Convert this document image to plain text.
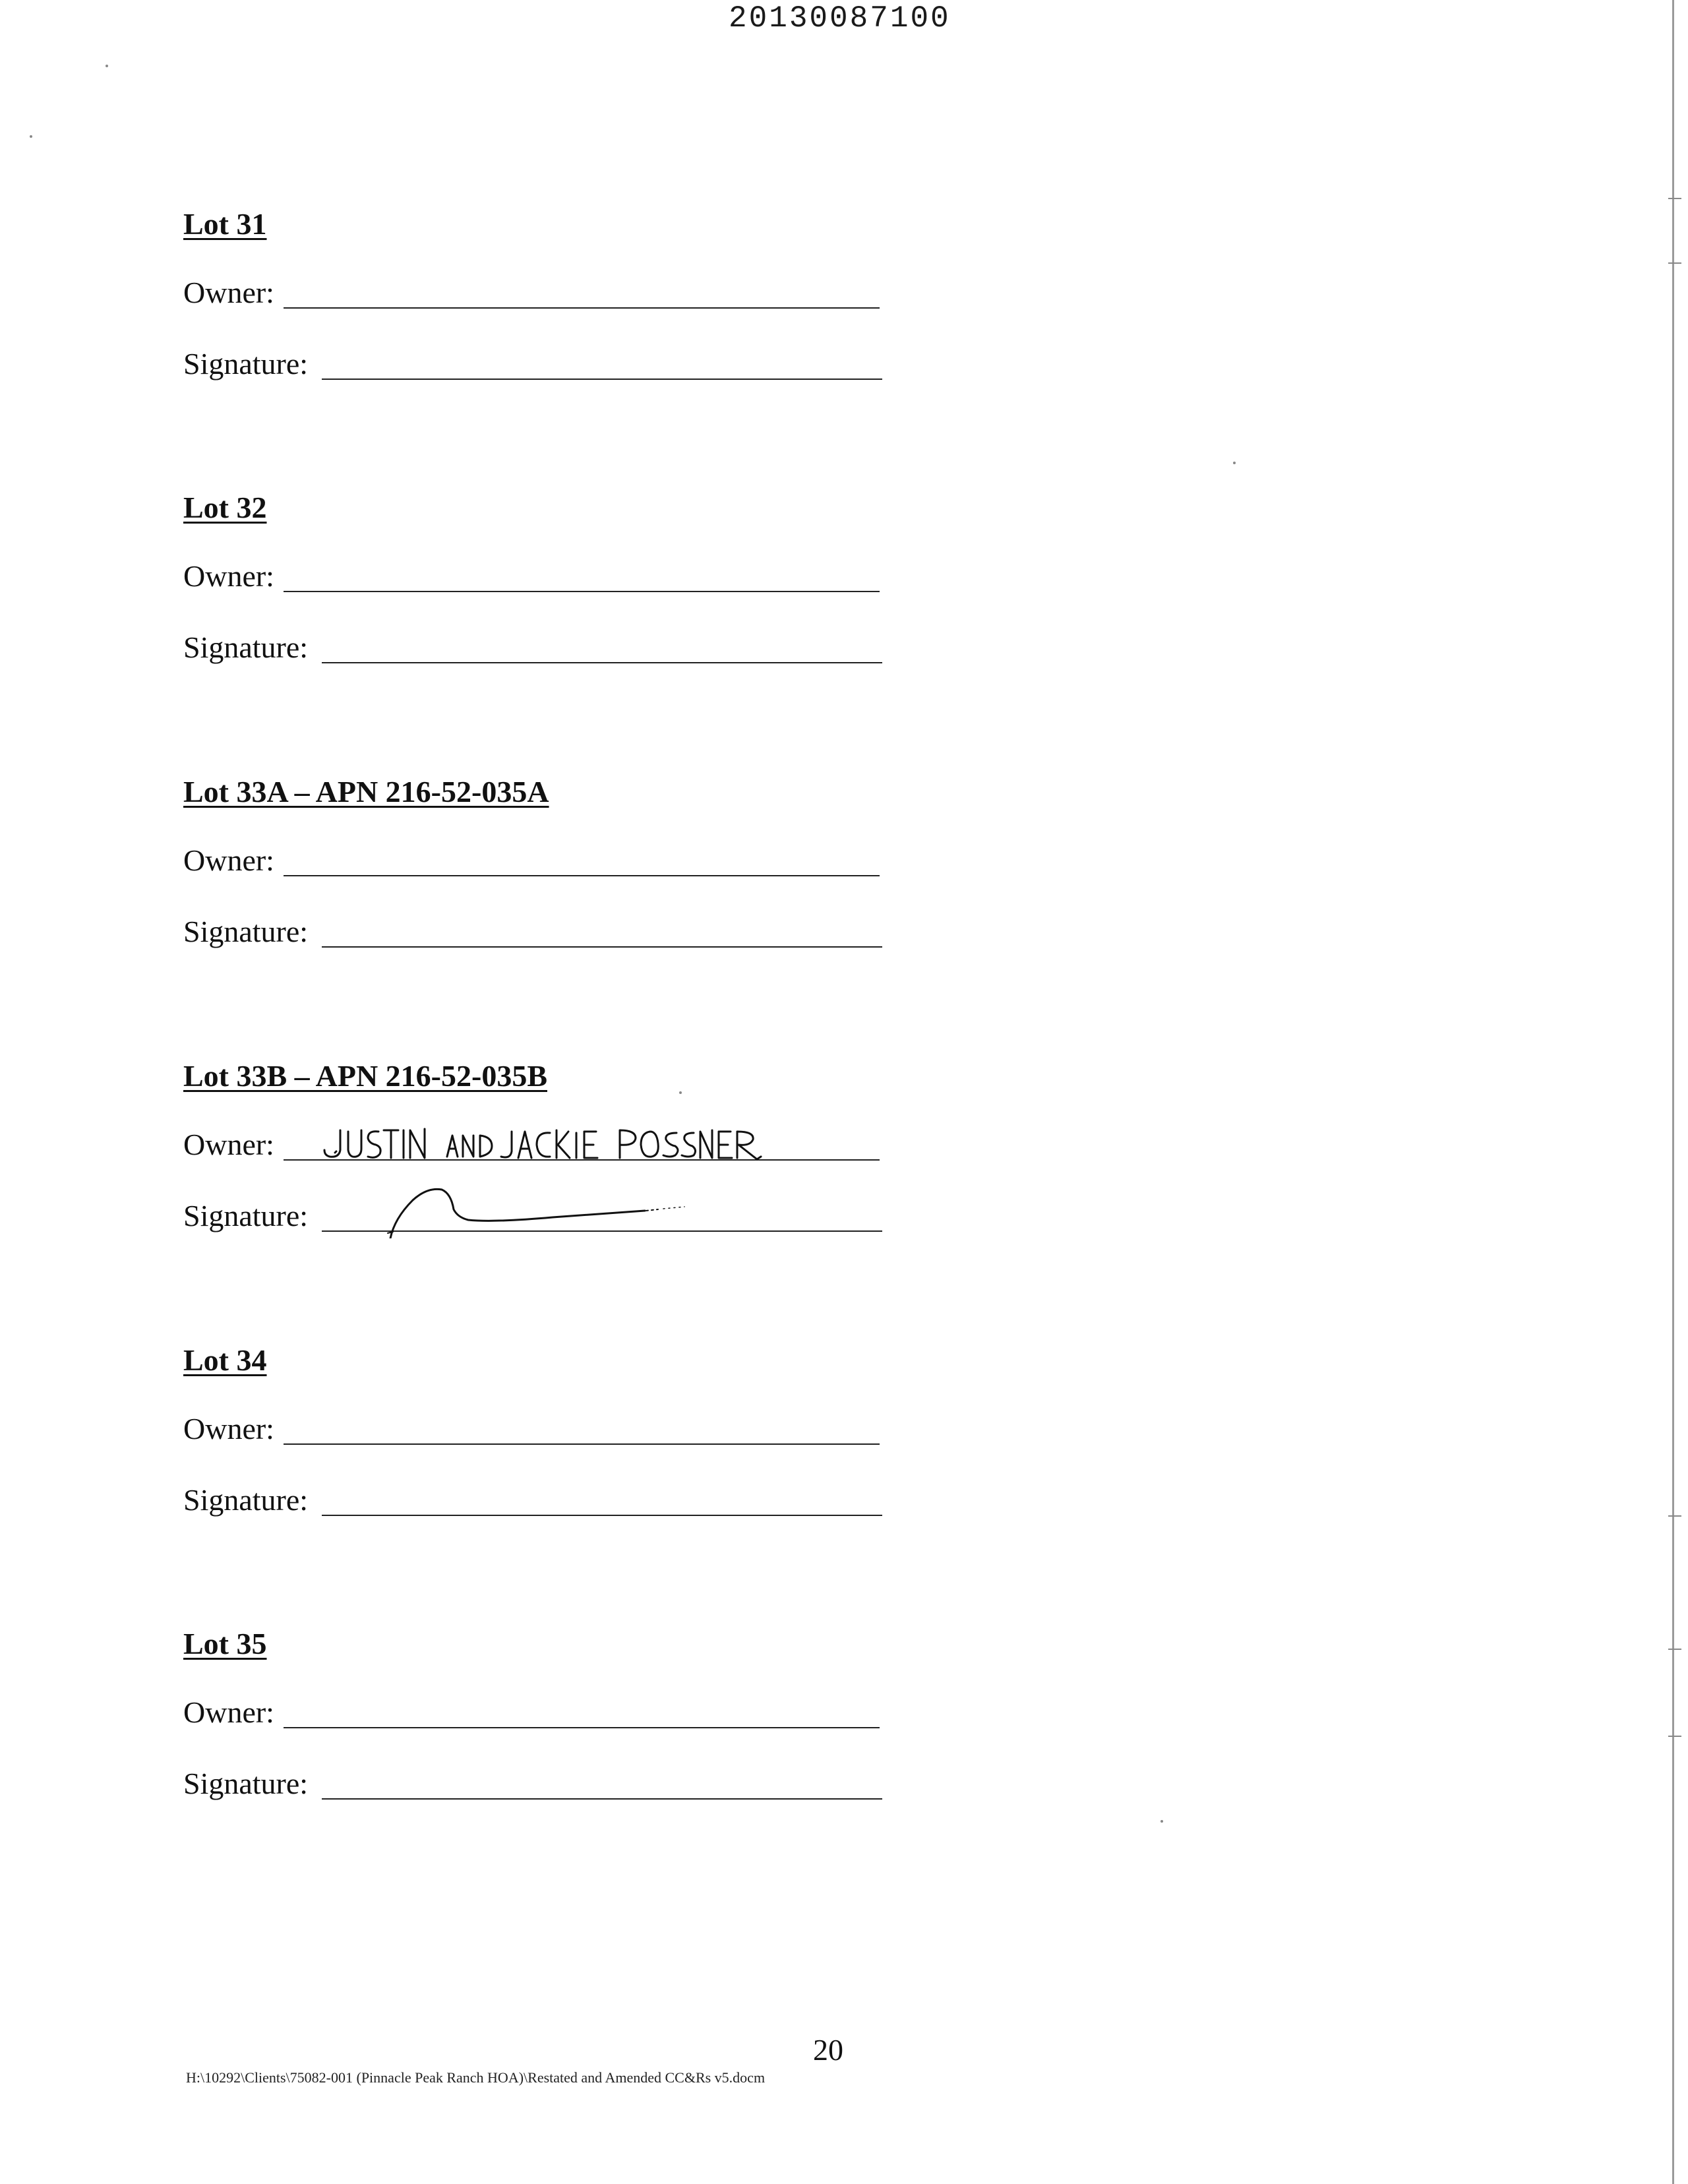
20130087100
Lot 31
Owner:
Signature:
Lot 32
Owner:
Signature:
Lot 33A – APN 216-52-035A
Owner:
Signature:
Lot 33B – APN 216-52-035B
Owner:
Signature:
Lot 34
Owner:
Signature:
Lot 35
Owner:
Signature:
20
H:\10292\Clients\75082-001 (Pinnacle Peak Ranch HOA)\Restated and Amended CC&Rs v5.docm
